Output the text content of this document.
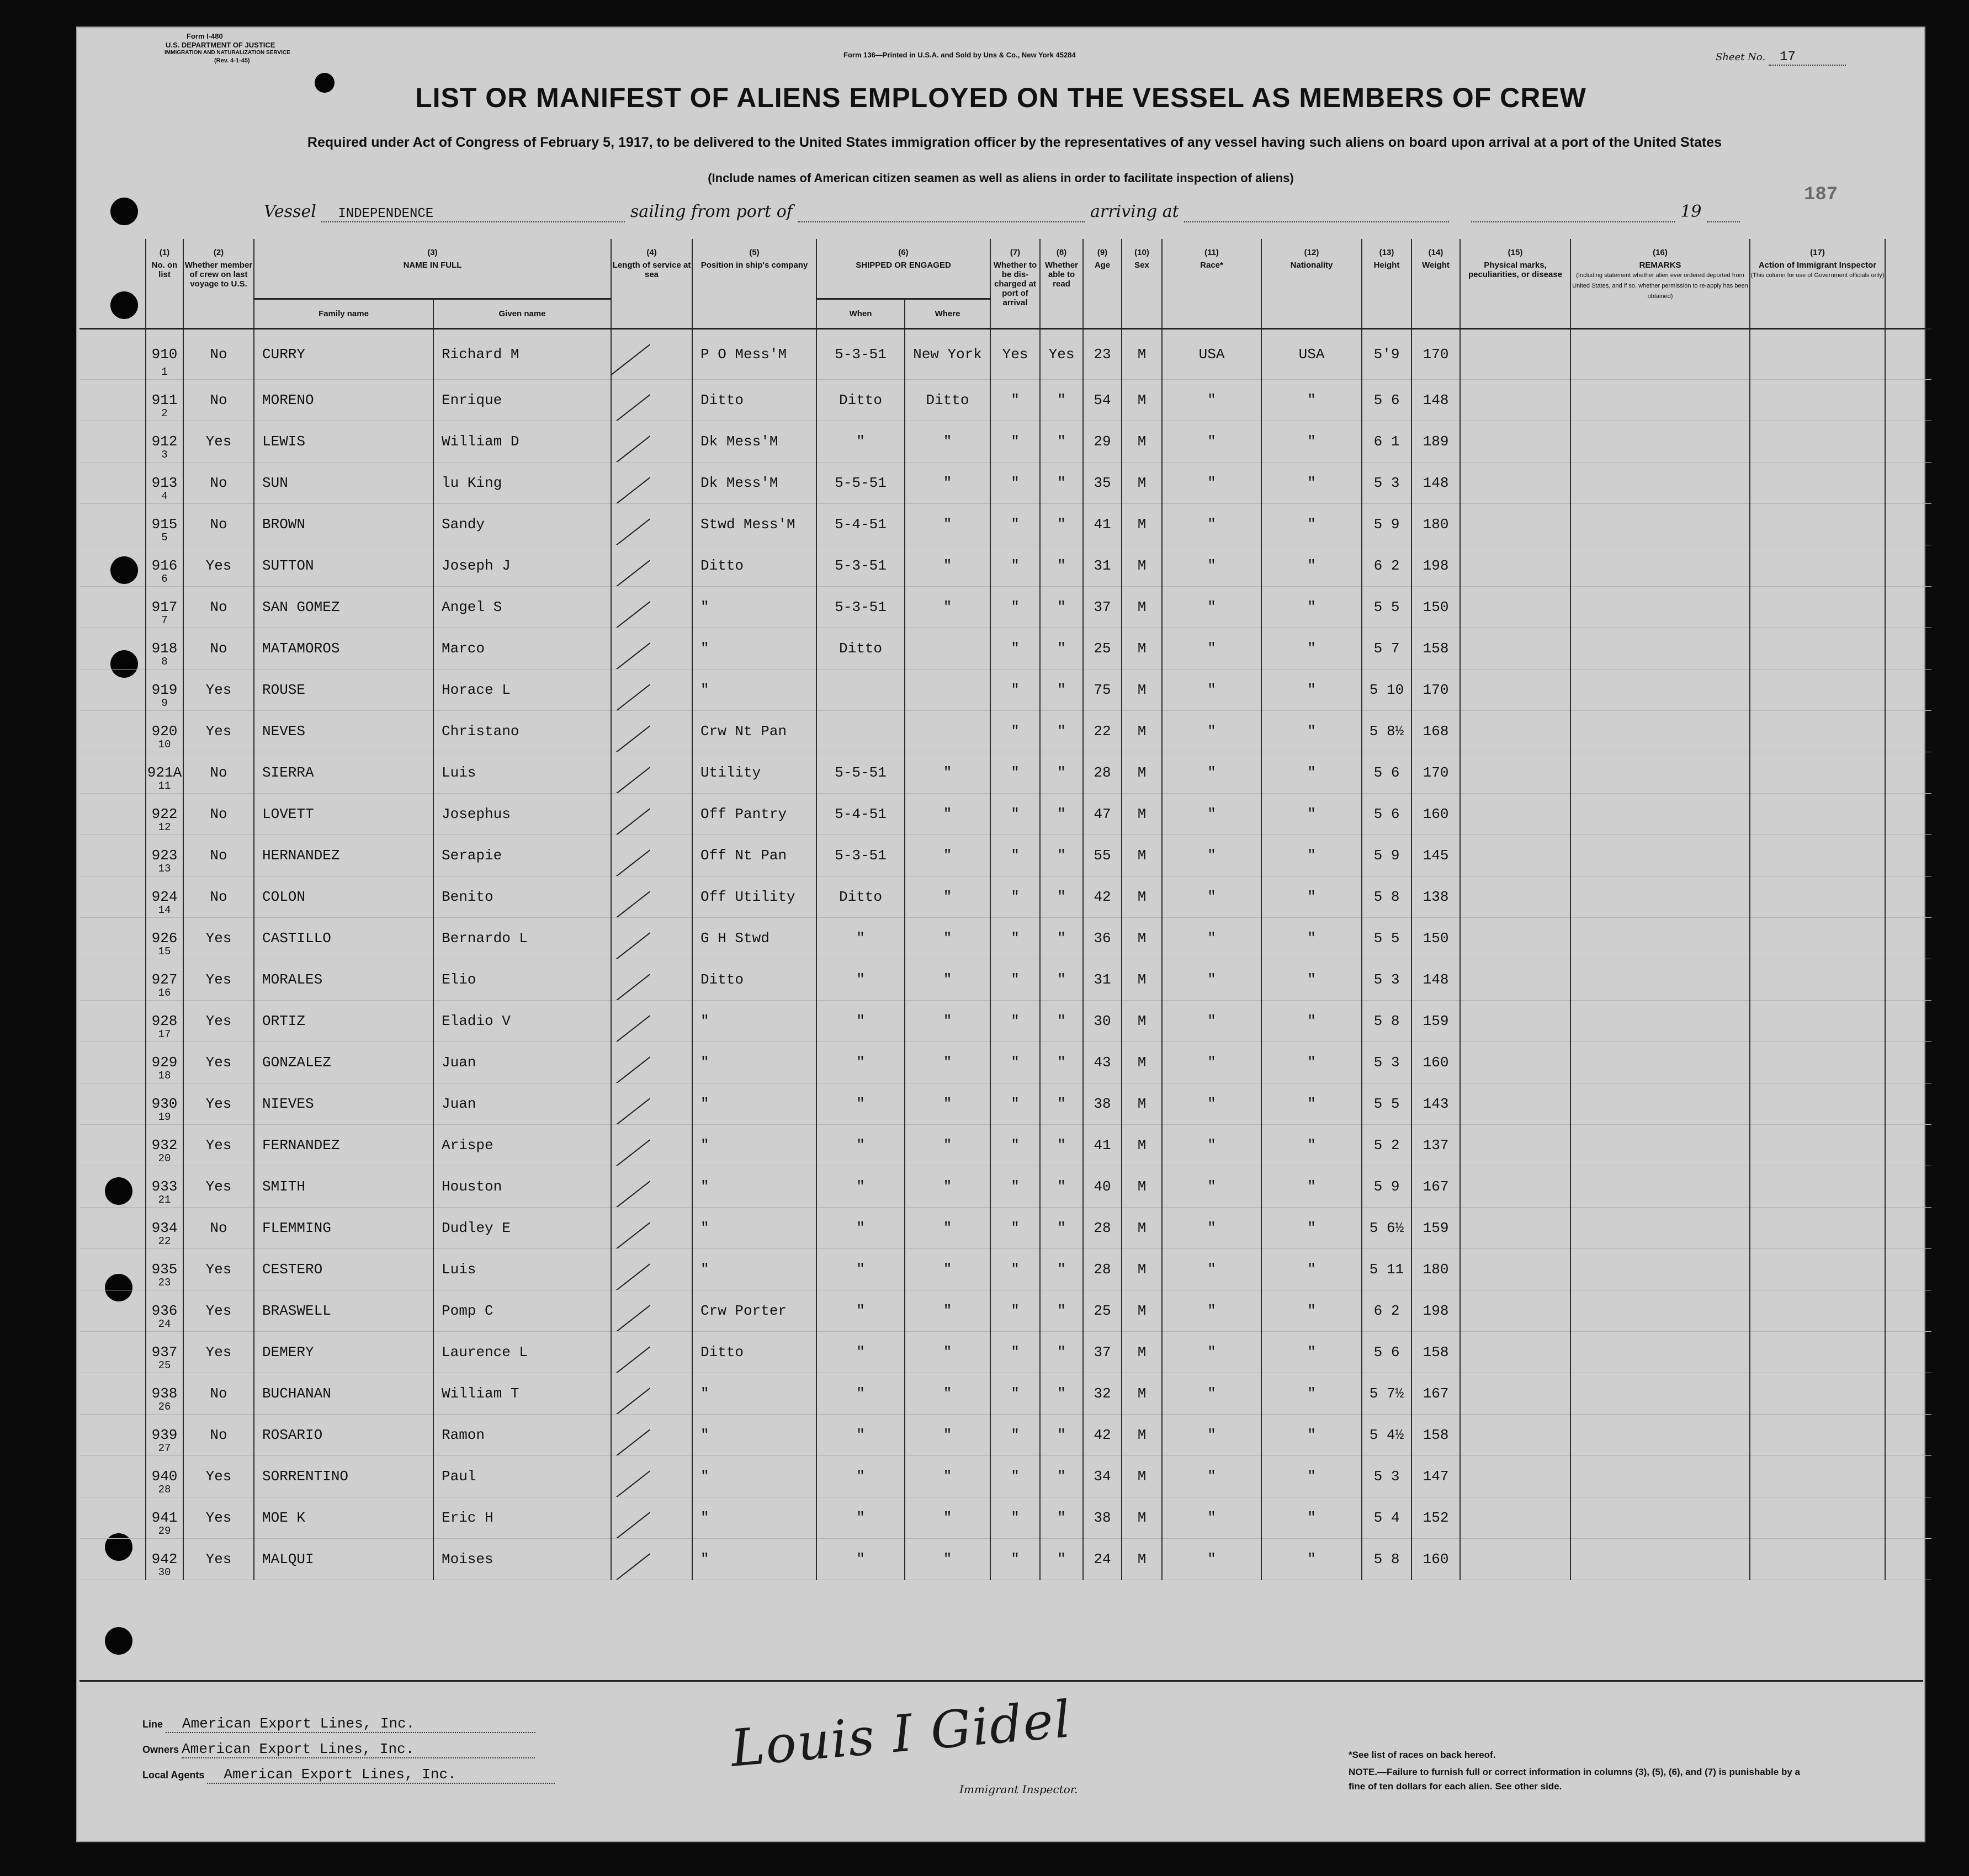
Form I-480
U.S. DEPARTMENT OF JUSTICE
IMMIGRATION AND NATURALIZATION SERVICE
(Rev. 4-1-45)
Form 136—Printed in U.S.A. and Sold by Uns & Co., New York 45284	Sheet No. 17
LIST OR MANIFEST OF ALIENS EMPLOYED ON THE VESSEL AS MEMBERS OF CREW
Required under Act of Congress of February 5, 1917, to be delivered to the United States immigration officer by the representatives of any vessel having such aliens on board upon arrival at a port of the United States
(Include names of American citizen seamen as well as aliens in order to facilitate inspection of aliens)
187
Vessel INDEPENDENCE	sailing from port of	arriving at	19

	(1)
No. on list	(2)
Whether member of crew on last voyage to U.S.	(3)
NAME IN FULL		(4)
Length of service at sea	(5)
Position in ship's company	(6)
SHIPPED OR ENGAGED		(7)
Whether to be dis-charged at port of arrival	(8)
Whether able to read	(9)
Age	(10)
Sex	(11)
Race*	(12)
Nationality	(13)
Height	(14)
Weight	(15)
Physical marks, peculiarities, or disease	(16)
REMARKS
(Including statement whether alien ever ordered deported from United States, and if so, whether permission to re-apply has been obtained)	(17)
Action of Immigrant Inspector
(This column for use of Government officials only)	
			Family name	Given name			When	Where												
	910
1	No	CURRY	Richard M		P O Mess'M	5-3-51	New York	Yes	Yes	23	M	USA	USA	5'9	170				
	911
2	No	MORENO	Enrique		Ditto	Ditto	Ditto	"	"	54	M	"	"	5 6	148				
	912
3	Yes	LEWIS	William D		Dk Mess'M	"	"	"	"	29	M	"	"	6 1	189				
	913
4	No	SUN	lu King		Dk Mess'M	5-5-51	"	"	"	35	M	"	"	5 3	148				
	915
5	No	BROWN	Sandy		Stwd Mess'M	5-4-51	"	"	"	41	M	"	"	5 9	180				
	916
6	Yes	SUTTON	Joseph J		Ditto	5-3-51	"	"	"	31	M	"	"	6 2	198				
	917
7	No	SAN GOMEZ	Angel S		"	5-3-51	"	"	"	37	M	"	"	5 5	150				
	918
8	No	MATAMOROS	Marco		"	Ditto		"	"	25	M	"	"	5 7	158				
	919
9	Yes	ROUSE	Horace L		"			"	"	75	M	"	"	5 10	170				
	920
10	Yes	NEVES	Christano		Crw Nt Pan			"	"	22	M	"	"	5 8½	168				
	921A
11	No	SIERRA	Luis		Utility	5-5-51	"	"	"	28	M	"	"	5 6	170				
	922
12	No	LOVETT	Josephus		Off Pantry	5-4-51	"	"	"	47	M	"	"	5 6	160				
	923
13	No	HERNANDEZ	Serapie		Off Nt Pan	5-3-51	"	"	"	55	M	"	"	5 9	145				
	924
14	No	COLON	Benito		Off Utility	Ditto	"	"	"	42	M	"	"	5 8	138				
	926
15	Yes	CASTILLO	Bernardo L		G H Stwd	"	"	"	"	36	M	"	"	5 5	150				
	927
16	Yes	MORALES	Elio		Ditto	"	"	"	"	31	M	"	"	5 3	148				
	928
17	Yes	ORTIZ	Eladio V		"	"	"	"	"	30	M	"	"	5 8	159				
	929
18	Yes	GONZALEZ	Juan		"	"	"	"	"	43	M	"	"	5 3	160				
	930
19	Yes	NIEVES	Juan		"	"	"	"	"	38	M	"	"	5 5	143				
	932
20	Yes	FERNANDEZ	Arispe		"	"	"	"	"	41	M	"	"	5 2	137				
	933
21	Yes	SMITH	Houston		"	"	"	"	"	40	M	"	"	5 9	167				
	934
22	No	FLEMMING	Dudley E		"	"	"	"	"	28	M	"	"	5 6½	159				
	935
23	Yes	CESTERO	Luis		"	"	"	"	"	28	M	"	"	5 11	180				
	936
24	Yes	BRASWELL	Pomp C		Crw Porter	"	"	"	"	25	M	"	"	6 2	198				
	937
25	Yes	DEMERY	Laurence L		Ditto	"	"	"	"	37	M	"	"	5 6	158				
	938
26	No	BUCHANAN	William T		"	"	"	"	"	32	M	"	"	5 7½	167				
	939
27	No	ROSARIO	Ramon		"	"	"	"	"	42	M	"	"	5 4½	158				
	940
28	Yes	SORRENTINO	Paul		"	"	"	"	"	34	M	"	"	5 3	147				
	941
29	Yes	MOE K	Eric H		"	"	"	"	"	38	M	"	"	5 4	152				
	942
30	Yes	MALQUI	Moises		"	"	"	"	"	24	M	"	"	5 8	160				
Line American Export Lines, Inc.
Owners American Export Lines, Inc.
Local Agents American Export Lines, Inc.	Louis I Gidel
Immigrant Inspector.
*See list of races on back hereof.
NOTE.—Failure to furnish full or correct information in columns (3), (5), (6), and (7) is punishable by a fine of ten dollars for each alien. See other side.
